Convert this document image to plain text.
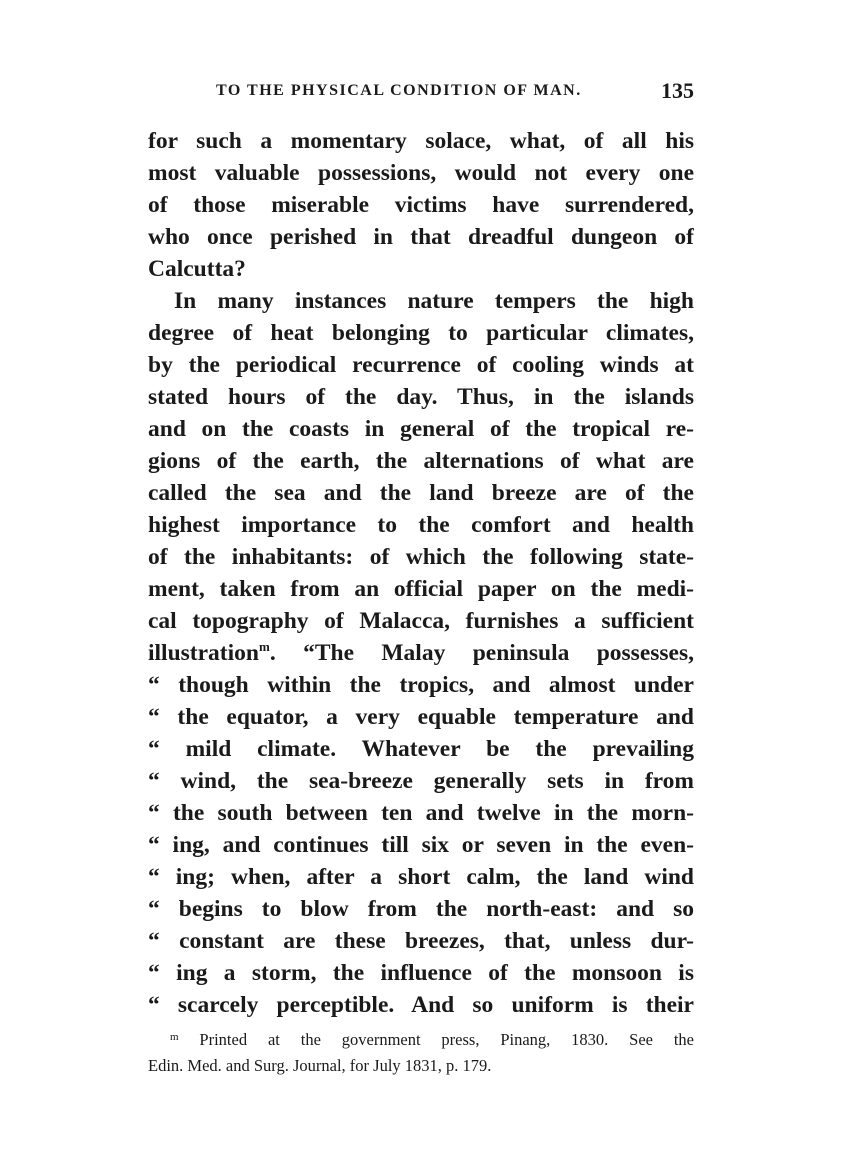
TO THE PHYSICAL CONDITION OF MAN.	135
for such a momentary solace, what, of all his
most valuable possessions, would not every one
of those miserable victims have surrendered,
who once perished in that dreadful dungeon of
Calcutta?
In many instances nature tempers the high
degree of heat belonging to particular climates,
by the periodical recurrence of cooling winds at
stated hours of the day. Thus, in the islands
and on the coasts in general of the tropical re-
gions of the earth, the alternations of what are
called the sea and the land breeze are of the
highest importance to the comfort and health
of the inhabitants: of which the following state-
ment, taken from an official paper on the medi-
cal topography of Malacca, furnishes a sufficient
illustration$^m$. “The Malay peninsula possesses,
“ though within the tropics, and almost under
“ the equator, a very equable temperature and
“ mild climate. Whatever be the prevailing
“ wind, the sea-breeze generally sets in from
“ the south between ten and twelve in the morn-
“ ing, and continues till six or seven in the even-
“ ing; when, after a short calm, the land wind
“ begins to blow from the north-east: and so
“ constant are these breezes, that, unless dur-
“ ing a storm, the influence of the monsoon is
“ scarcely perceptible. And so uniform is their
$^m$ Printed at the government press, Pinang, 1830. See the
Edin. Med. and Surg. Journal, for July 1831, p. 179.
